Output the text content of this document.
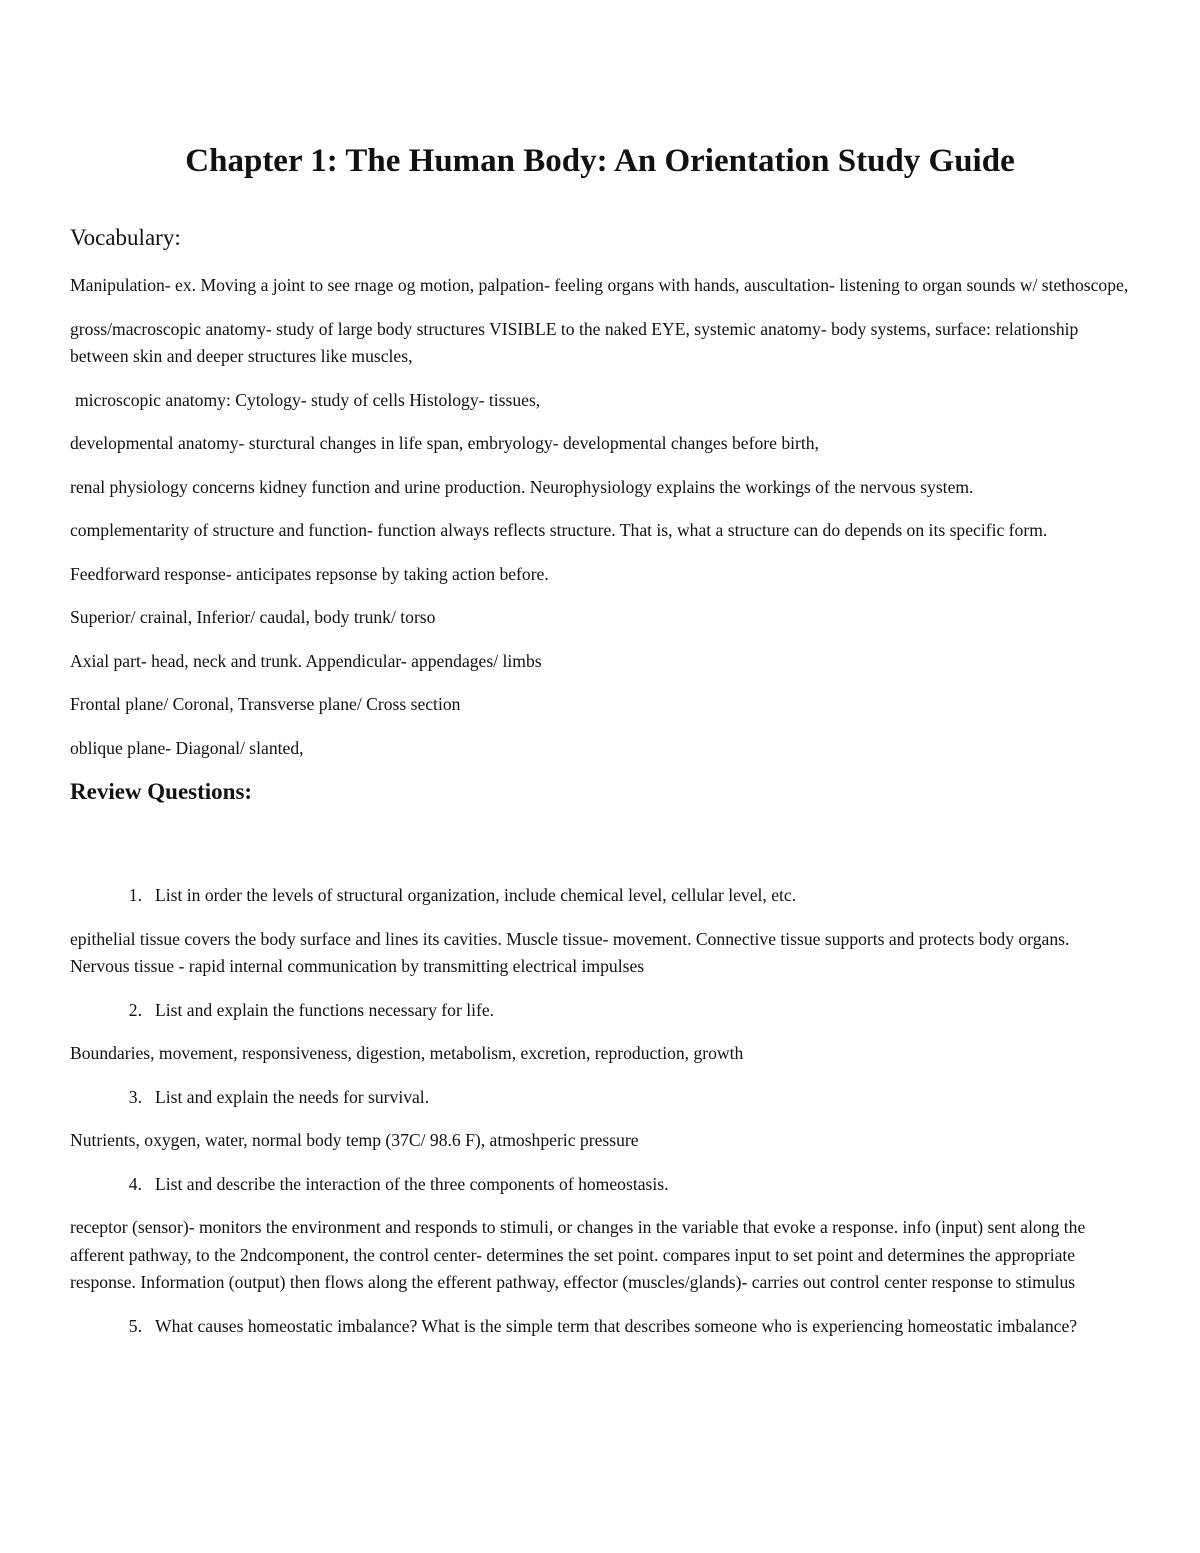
Chapter 1: The Human Body: An Orientation Study Guide
Vocabulary:

Manipulation- ex. Moving a joint to see rnage og motion, palpation- feeling organs with hands, auscultation- listening to organ sounds w/ stethoscope,

gross/macroscopic anatomy- study of large body structures VISIBLE to the naked EYE, systemic anatomy- body systems, surface: relationship between skin and deeper structures like muscles,

microscopic anatomy: Cytology- study of cells Histology- tissues,

developmental anatomy- sturctural changes in life span, embryology- developmental changes before birth,

renal physiology concerns kidney function and urine production. Neurophysiology explains the workings of the nervous system.

complementarity of structure and function- function always reflects structure. That is, what a structure can do depends on its specific form.

Feedforward response- anticipates repsonse by taking action before.

Superior/ crainal, Inferior/ caudal, body trunk/ torso

Axial part- head, neck and trunk. Appendicular- appendages/ limbs

Frontal plane/ Coronal, Transverse plane/ Cross section

oblique plane- Diagonal/ slanted,

Review Questions:
1. List in order the levels of structural organization, include chemical level, cellular level, etc.

epithelial tissue covers the body surface and lines its cavities. Muscle tissue- movement. Connective tissue supports and protects body organs. Nervous tissue - rapid internal communication by transmitting electrical impulses

2. List and explain the functions necessary for life.

Boundaries, movement, responsiveness, digestion, metabolism, excretion, reproduction, growth

3. List and explain the needs for survival.

Nutrients, oxygen, water, normal body temp (37C/ 98.6 F), atmoshperic pressure

4. List and describe the interaction of the three components of homeostasis.

receptor (sensor)- monitors the environment and responds to stimuli, or changes in the variable that evoke a response. info (input) sent along the afferent pathway, to the 2ndcomponent, the control center- determines the set point. compares input to set point and determines the appropriate response. Information (output) then flows along the efferent pathway, effector (muscles/glands)- carries out control center response to stimulus

5. What causes homeostatic imbalance? What is the simple term that describes someone who is experiencing homeostatic imbalance?
